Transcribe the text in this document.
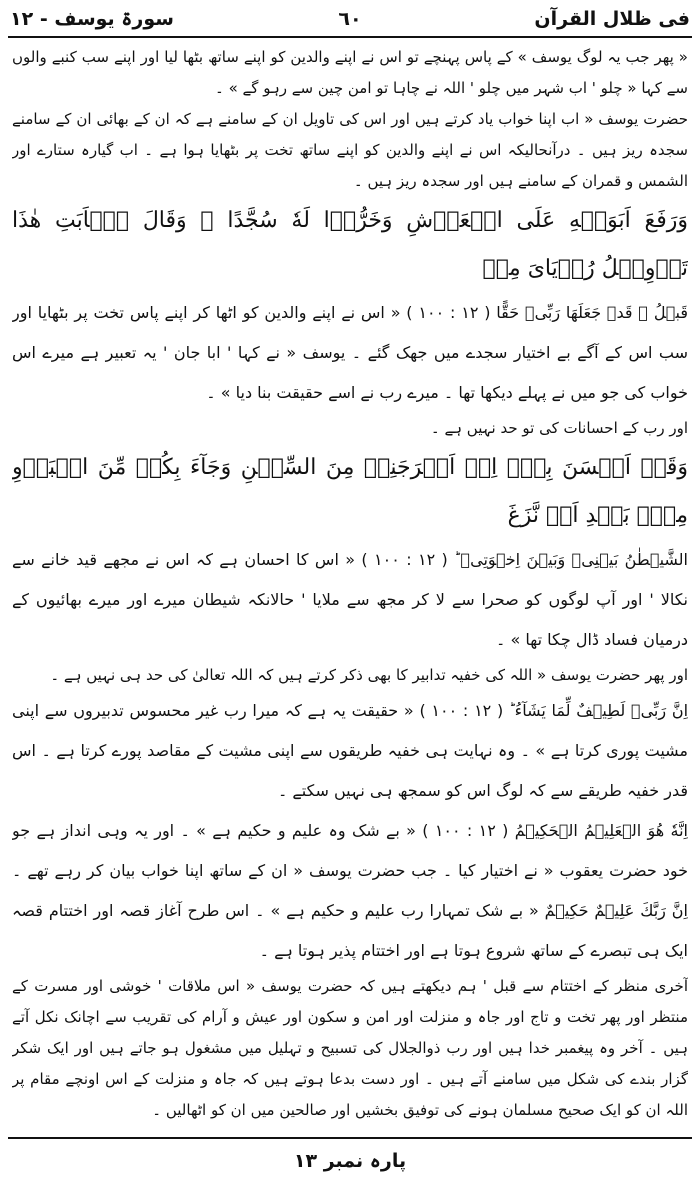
فی ظلال القرآن
٦٠
سورۃ یوسف - ١٢

« پھر جب یہ لوگ یوسف » کے پاس پہنچے تو اس نے اپنے والدین کو اپنے ساتھ بٹھا لیا اور اپنے سب کنبے والوں سے کہا « چلو ' اب شہر میں چلو ' اللہ نے چاہا تو امن چین سے رہو گے » ۔

حضرت یوسف « اب اپنا خواب یاد کرتے ہیں اور اس کی تاویل ان کے سامنے ہے کہ ان کے بھائی ان کے سامنے سجدہ ریز ہیں ۔ درآنحالیکہ اس نے اپنے والدین کو اپنے ساتھ تخت پر بٹھایا ہوا ہے ۔ اب گیارہ ستارے اور الشمس و قمران کے سامنے ہیں اور سجدہ ریز ہیں ۔

وَرَفَعَ اَبَوَیۡهِ عَلَی الۡعَرۡشِ وَخَرُّوۡا لَهٗ سُجَّدًا ۚ وَقَالَ یٰۤاَبَتِ هٰذَا تَاۡوِیۡلُ رُءۡیَایَ مِنۡ

قَبۡلُ ۫ قَدۡ جَعَلَهَا رَبِّیۡ حَقًّا ( ١٢ : ١٠٠ ) « اس نے اپنے والدین کو اٹھا کر اپنے پاس تخت پر بٹھایا اور سب اس کے آگے بے اختیار سجدے میں جھک گئے ۔ یوسف « نے کہا ' ابا جان ' یہ تعبیر ہے میرے اس خواب کی جو میں نے پہلے دیکھا تھا ۔ میرے رب نے اسے حقیقت بنا دیا » ۔

اور رب کے احسانات کی تو حد نہیں ہے ۔

وَقَدۡ اَحۡسَنَ بِیۡۤ اِذۡ اَخۡرَجَنِیۡ مِنَ السِّجۡنِ وَجَآءَ بِكُمۡ مِّنَ الۡبَدۡوِ مِنۡۢ بَعۡدِ اَنۡ نَّزَغَ

الشَّیۡطٰنُ بَیۡنِیۡ وَبَیۡنَ اِخۡوَتِیۡ ؕ ( ١٢ : ١٠٠ ) « اس کا احسان ہے کہ اس نے مجھے قید خانے سے نکالا ' اور آپ لوگوں کو صحرا سے لا کر مجھ سے ملایا ' حالانکہ شیطان میرے اور میرے بھائیوں کے درمیان فساد ڈال چکا تھا » ۔

اور پھر حضرت یوسف « اللہ کی خفیہ تدابیر کا بھی ذکر کرتے ہیں کہ اللہ تعالیٰ کی حد ہی نہیں ہے ۔

اِنَّ رَبِّیۡ لَطِیۡفٌ لِّمَا یَشَآءُ ؕ ( ١٢ : ١٠٠ ) « حقیقت یہ ہے کہ میرا رب غیر محسوس تدبیروں سے اپنی مشیت پوری کرتا ہے » ۔ وہ نہایت ہی خفیہ طریقوں سے اپنی مشیت کے مقاصد پورے کرتا ہے ۔ اس قدر خفیہ طریقے سے کہ لوگ اس کو سمجھ ہی نہیں سکتے ۔

اِنَّهٗ هُوَ الۡعَلِیۡمُ الۡحَكِیۡمُ ( ١٢ : ١٠٠ ) « بے شک وہ علیم و حکیم ہے » ۔ اور یہ وہی انداز ہے جو خود حضرت یعقوب « نے اختیار کیا ۔ جب حضرت یوسف « ان کے ساتھ اپنا خواب بیان کر رہے تھے ۔ اِنَّ رَبَّكَ عَلِیۡمٌ حَكِیۡمٌ « بے شک تمہارا رب علیم و حکیم ہے » ۔ اس طرح آغاز قصہ اور اختتام قصہ ایک ہی تبصرے کے ساتھ شروع ہوتا ہے اور اختتام پذیر ہوتا ہے ۔

آخری منظر کے اختتام سے قبل ' ہم دیکھتے ہیں کہ حضرت یوسف « اس ملاقات ' خوشی اور مسرت کے منتظر اور پھر تخت و تاج اور جاہ و منزلت اور امن و سکون اور عیش و آرام کی تقریب سے اچانک نکل آتے ہیں ۔ آخر وہ پیغمبر خدا ہیں اور رب ذوالجلال کی تسبیح و تہلیل میں مشغول ہو جاتے ہیں اور ایک شکر گزار بندے کی شکل میں سامنے آتے ہیں ۔ اور دست بدعا ہوتے ہیں کہ جاہ و منزلت کے اس اونچے مقام پر اللہ ان کو ایک صحیح مسلمان ہونے کی توفیق بخشیں اور صالحین میں ان کو اٹھالیں ۔

پارہ نمبر ١٣
